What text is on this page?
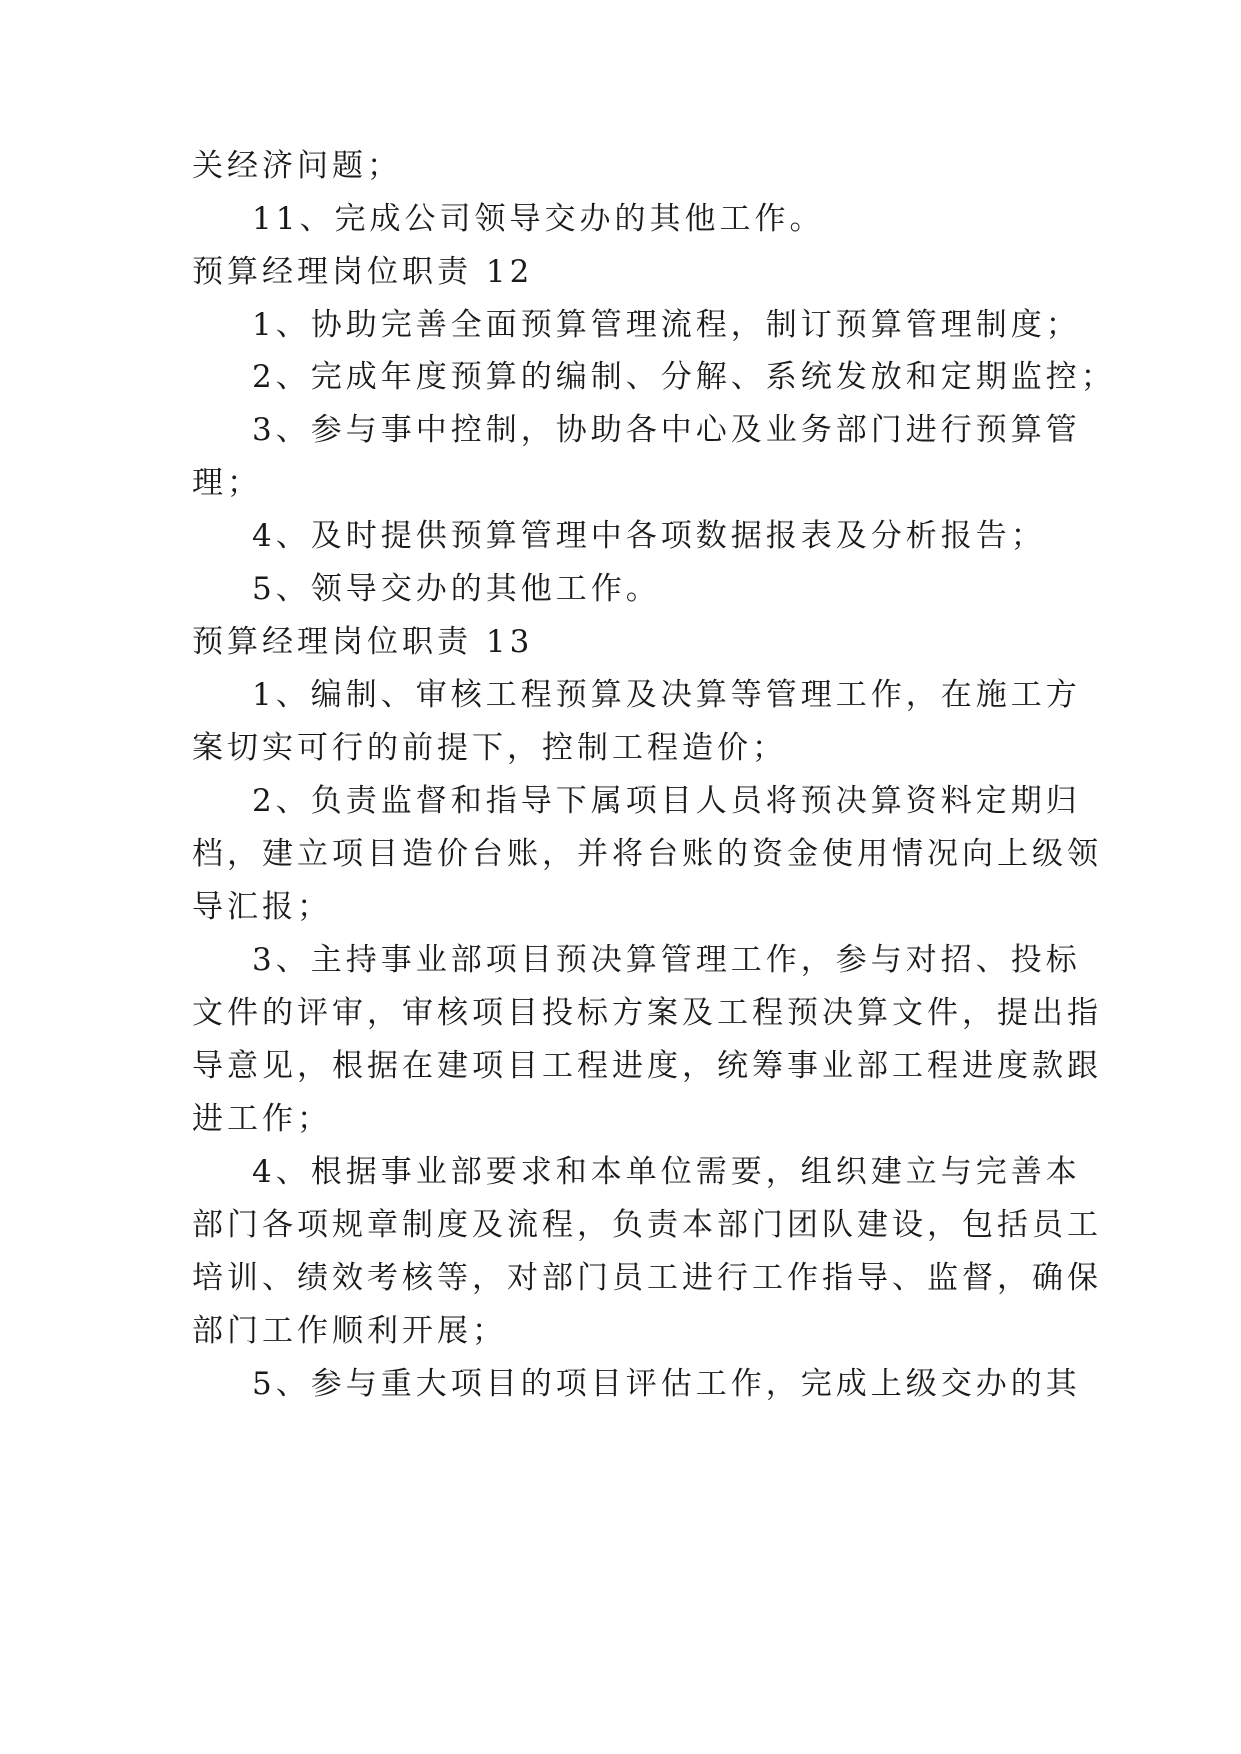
关经济问题；

11、完成公司领导交办的其他工作。

预算经理岗位职责 12

1、协助完善全面预算管理流程，制订预算管理制度；

2、完成年度预算的编制、分解、系统发放和定期监控；

3、参与事中控制，协助各中心及业务部门进行预算管

理；

4、及时提供预算管理中各项数据报表及分析报告；

5、领导交办的其他工作。

预算经理岗位职责 13

1、编制、审核工程预算及决算等管理工作，在施工方

案切实可行的前提下，控制工程造价；

2、负责监督和指导下属项目人员将预决算资料定期归

档，建立项目造价台账，并将台账的资金使用情况向上级领

导汇报；

3、主持事业部项目预决算管理工作，参与对招、投标

文件的评审，审核项目投标方案及工程预决算文件，提出指

导意见，根据在建项目工程进度，统筹事业部工程进度款跟

进工作；

4、根据事业部要求和本单位需要，组织建立与完善本

部门各项规章制度及流程，负责本部门团队建设，包括员工

培训、绩效考核等，对部门员工进行工作指导、监督，确保

部门工作顺利开展；

5、参与重大项目的项目评估工作，完成上级交办的其
